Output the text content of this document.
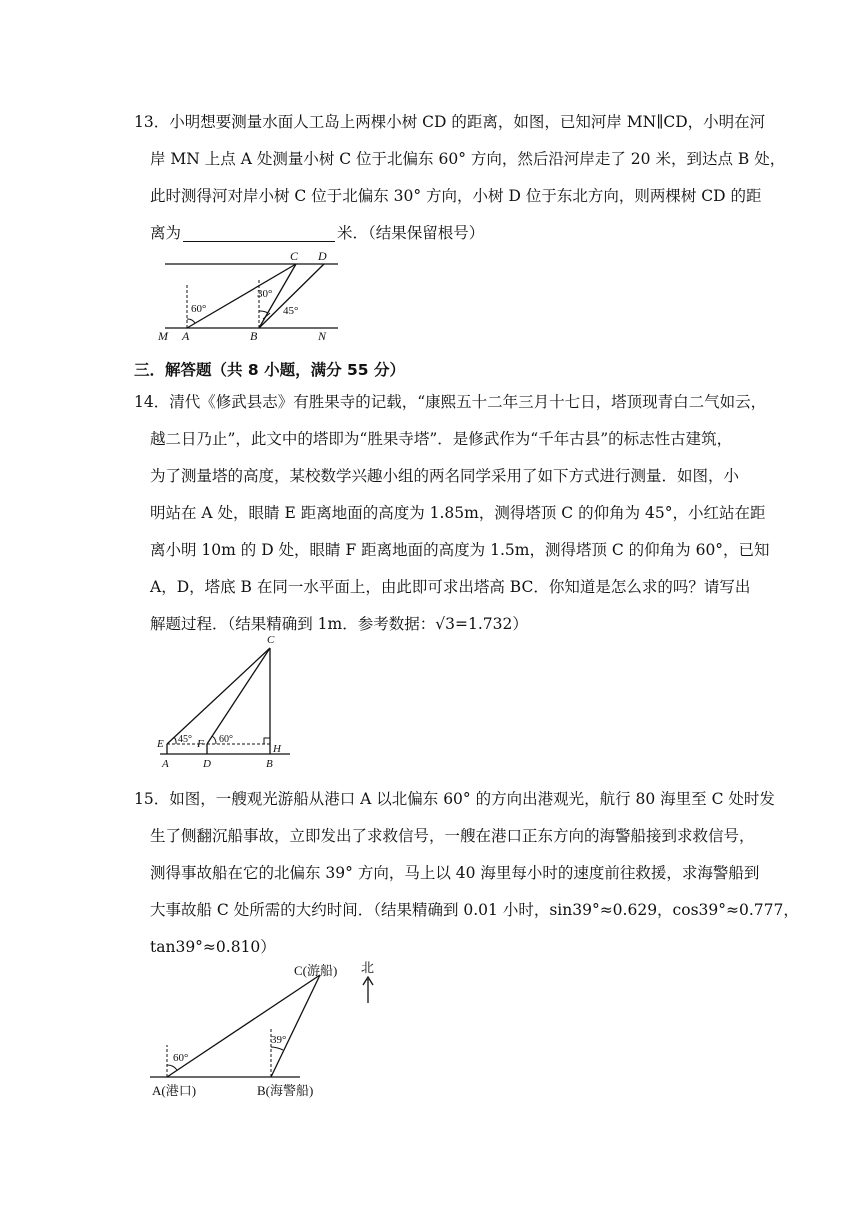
13．小明想要测量水面人工岛上两棵小树 CD 的距离，如图，已知河岸 MN∥CD，小明在河
岸 MN 上点 A 处测量小树 C 位于北偏东 60° 方向，然后沿河岸走了 20 米，到达点 B 处，
此时测得河对岸小树 C 位于北偏东 30° 方向，小树 D 位于东北方向，则两棵树 CD 的距
离为	米．（结果保留根号）
C D
M A	B	N
60°
30°
45°
三．解答题（共 8 小题，满分 55 分）
14．清代《修武县志》有胜果寺的记载，“康熙五十二年三月十七日，塔顶现青白二气如云，
越二日乃止”，此文中的塔即为“胜果寺塔”．是修武作为“千年古县”的标志性古建筑，
为了测量塔的高度，某校数学兴趣小组的两名同学采用了如下方式进行测量．如图，小
明站在 A 处，眼睛 E 距离地面的高度为 1.85m，测得塔顶 C 的仰角为 45°，小红站在距
离小明 10m 的 D 处，眼睛 F 距离地面的高度为 1.5m，测得塔顶 C 的仰角为 60°，已知
A，D，塔底 B 在同一水平面上，由此即可求出塔高 BC．你知道是怎么求的吗？请写出
解题过程．（结果精确到 1m．参考数据：√3=1.732）
C
E	F	H
A	D	B
45°	60°
15．如图，一艘观光游船从港口 A 以北偏东 60° 的方向出港观光，航行 80 海里至 C 处时发
生了侧翻沉船事故，立即发出了求救信号，一艘在港口正东方向的海警船接到求救信号，
测得事故船在它的北偏东 39° 方向，马上以 40 海里每小时的速度前往救援，求海警船到
大事故船 C 处所需的大约时间．（结果精确到 0.01 小时，sin39°≈0.629，cos39°≈0.777，
tan39°≈0.810）
C(游船) 北
A(港口)	B(海警船)
60°
39°
